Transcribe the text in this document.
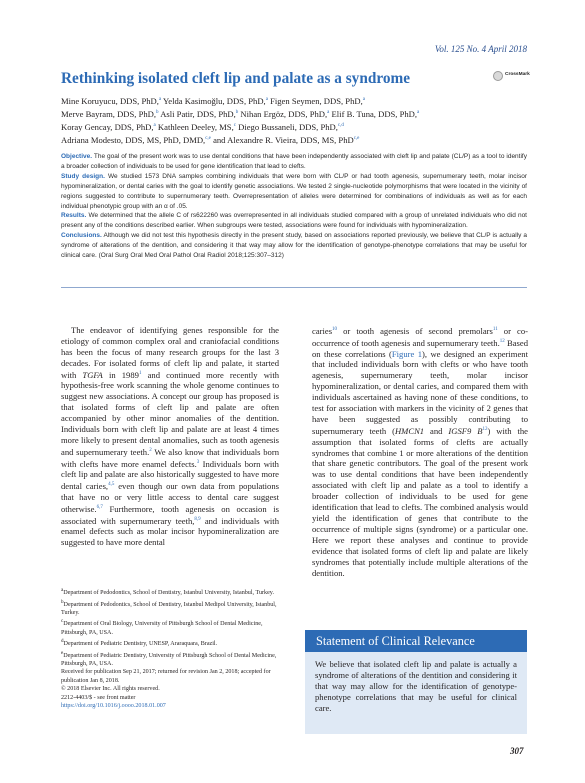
Vol. 125 No. 4 April 2018
Rethinking isolated cleft lip and palate as a syndrome	CrossMark
Mine Koruyucu, DDS, PhD,$^a$ Yelda Kasimoğlu, DDS, PhD,$^a$ Figen Seymen, DDS, PhD,$^a$
Merve Bayram, DDS, PhD,$^b$ Asli Patir, DDS, PhD,$^b$ Nihan Ergöz, DDS, PhD,$^a$ Elif B. Tuna, DDS, PhD,$^a$
Koray Gencay, DDS, PhD,$^a$ Kathleen Deeley, MS,$^c$ Diego Bussaneli, DDS, PhD,$^{c,d}$
Adriana Modesto, DDS, MS, PhD, DMD,$^{c,e}$ and Alexandre R. Vieira, DDS, MS, PhD$^{c,e}$

Objective. The goal of the present work was to use dental conditions that have been independently associated with cleft lip and palate (CL/P) as a tool to identify a broader collection of individuals to be used for gene identification that lead to clefts.

Study design. We studied 1573 DNA samples combining individuals that were born with CL/P or had tooth agenesis, supernumerary teeth, molar incisor hypomineralization, or dental caries with the goal to identify genetic associations. We tested 2 single-nucleotide polymorphisms that were located in the vicinity of regions suggested to contribute to supernumerary teeth. Overrepresentation of alleles were determined for combinations of individuals as well as for each individual phenotypic group with an α of .05.

Results. We determined that the allele C of rs622260 was overrepresented in all individuals studied compared with a group of unrelated individuals who did not present any of the conditions described earlier. When subgroups were tested, associations were found for individuals with hypomineralization.

Conclusions. Although we did not test this hypothesis directly in the present study, based on associations reported previously, we believe that CL/P is actually a syndrome of alterations of the dentition, and considering it that way may allow for the identification of genotype-phenotype correlations that may be useful for clinical care. (Oral Surg Oral Med Oral Pathol Oral Radiol 2018;125:307–312)

The endeavor of identifying genes responsible for the etiology of common complex oral and craniofacial conditions has been the focus of many research groups for the last 3 decades. For isolated forms of cleft lip and palate, it started with TGFA in 1989$^1$ and continued more recently with hypothesis-free work scanning the whole genome continues to suggest new associations. A concept our group has proposed is that isolated forms of cleft lip and palate are often accompanied by other minor anomalies of the dentition. Individuals born with cleft lip and palate are at least 4 times more likely to present dental anomalies, such as tooth agenesis and supernumerary teeth.$^2$ We also know that individuals born with clefts have more enamel defects.$^3$ Individuals born with cleft lip and palate are also historically suggested to have more dental caries,$^{4,5}$ even though our own data from populations that have no or very little access to dental care suggest otherwise.$^{6,7}$ Furthermore, tooth agenesis on occasion is associated with supernumerary teeth,$^{8,9}$ and individuals with enamel defects such as molar incisor hypomineralization are suggested to have more dental
caries$^{10}$ or tooth agenesis of second premolars$^{11}$ or co-occurrence of tooth agenesis and supernumerary teeth.$^{12}$ Based on these correlations (Figure 1), we designed an experiment that included individuals born with clefts or who have tooth agenesis, supernumerary teeth, molar incisor hypomineralization, or dental caries, and compared them with individuals ascertained as having none of these conditions, to test for association with markers in the vicinity of 2 genes that have been suggested as possibly contributing to supernumerary teeth (HMCN1 and IGSF9 $B^{12}$) with the assumption that isolated forms of clefts are actually syndromes that combine 1 or more alterations of the dentition that share genetic contributors. The goal of the present work was to use dental conditions that have been independently associated with cleft lip and palate as a tool to identify a broader collection of individuals to be used for gene identification that lead to clefts. The combined analysis would yield the identification of genes that contribute to the occurrence of multiple signs (syndrome) or a particular one. Here we report these analyses and continue to provide evidence that isolated forms of cleft lip and palate are likely syndromes that potentially include multiple alterations of the dentition.
$^a$Department of Pedodontics, School of Dentistry, Istanbul University, Istanbul, Turkey.
$^b$Department of Pedodontics, School of Dentistry, Istanbul Medipol University, Istanbul, Turkey.
$^c$Department of Oral Biology, University of Pittsburgh School of Dental Medicine, Pittsburgh, PA, USA.
$^d$Department of Pediatric Dentistry, UNESP, Araraquara, Brazil.
$^e$Department of Pediatric Dentistry, University of Pittsburgh School of Dental Medicine, Pittsburgh, PA, USA.
Received for publication Sep 21, 2017; returned for revision Jan 2, 2018; accepted for publication Jan 8, 2018.
© 2018 Elsevier Inc. All rights reserved.
2212-4403/$ - see front matter
https://doi.org/10.1016/j.oooo.2018.01.007
Statement of Clinical Relevance
We believe that isolated cleft lip and palate is actually a syndrome of alterations of the dentition and considering it that way may allow for the identification of genotype-phenotype correlations that may be useful for clinical care.
307
